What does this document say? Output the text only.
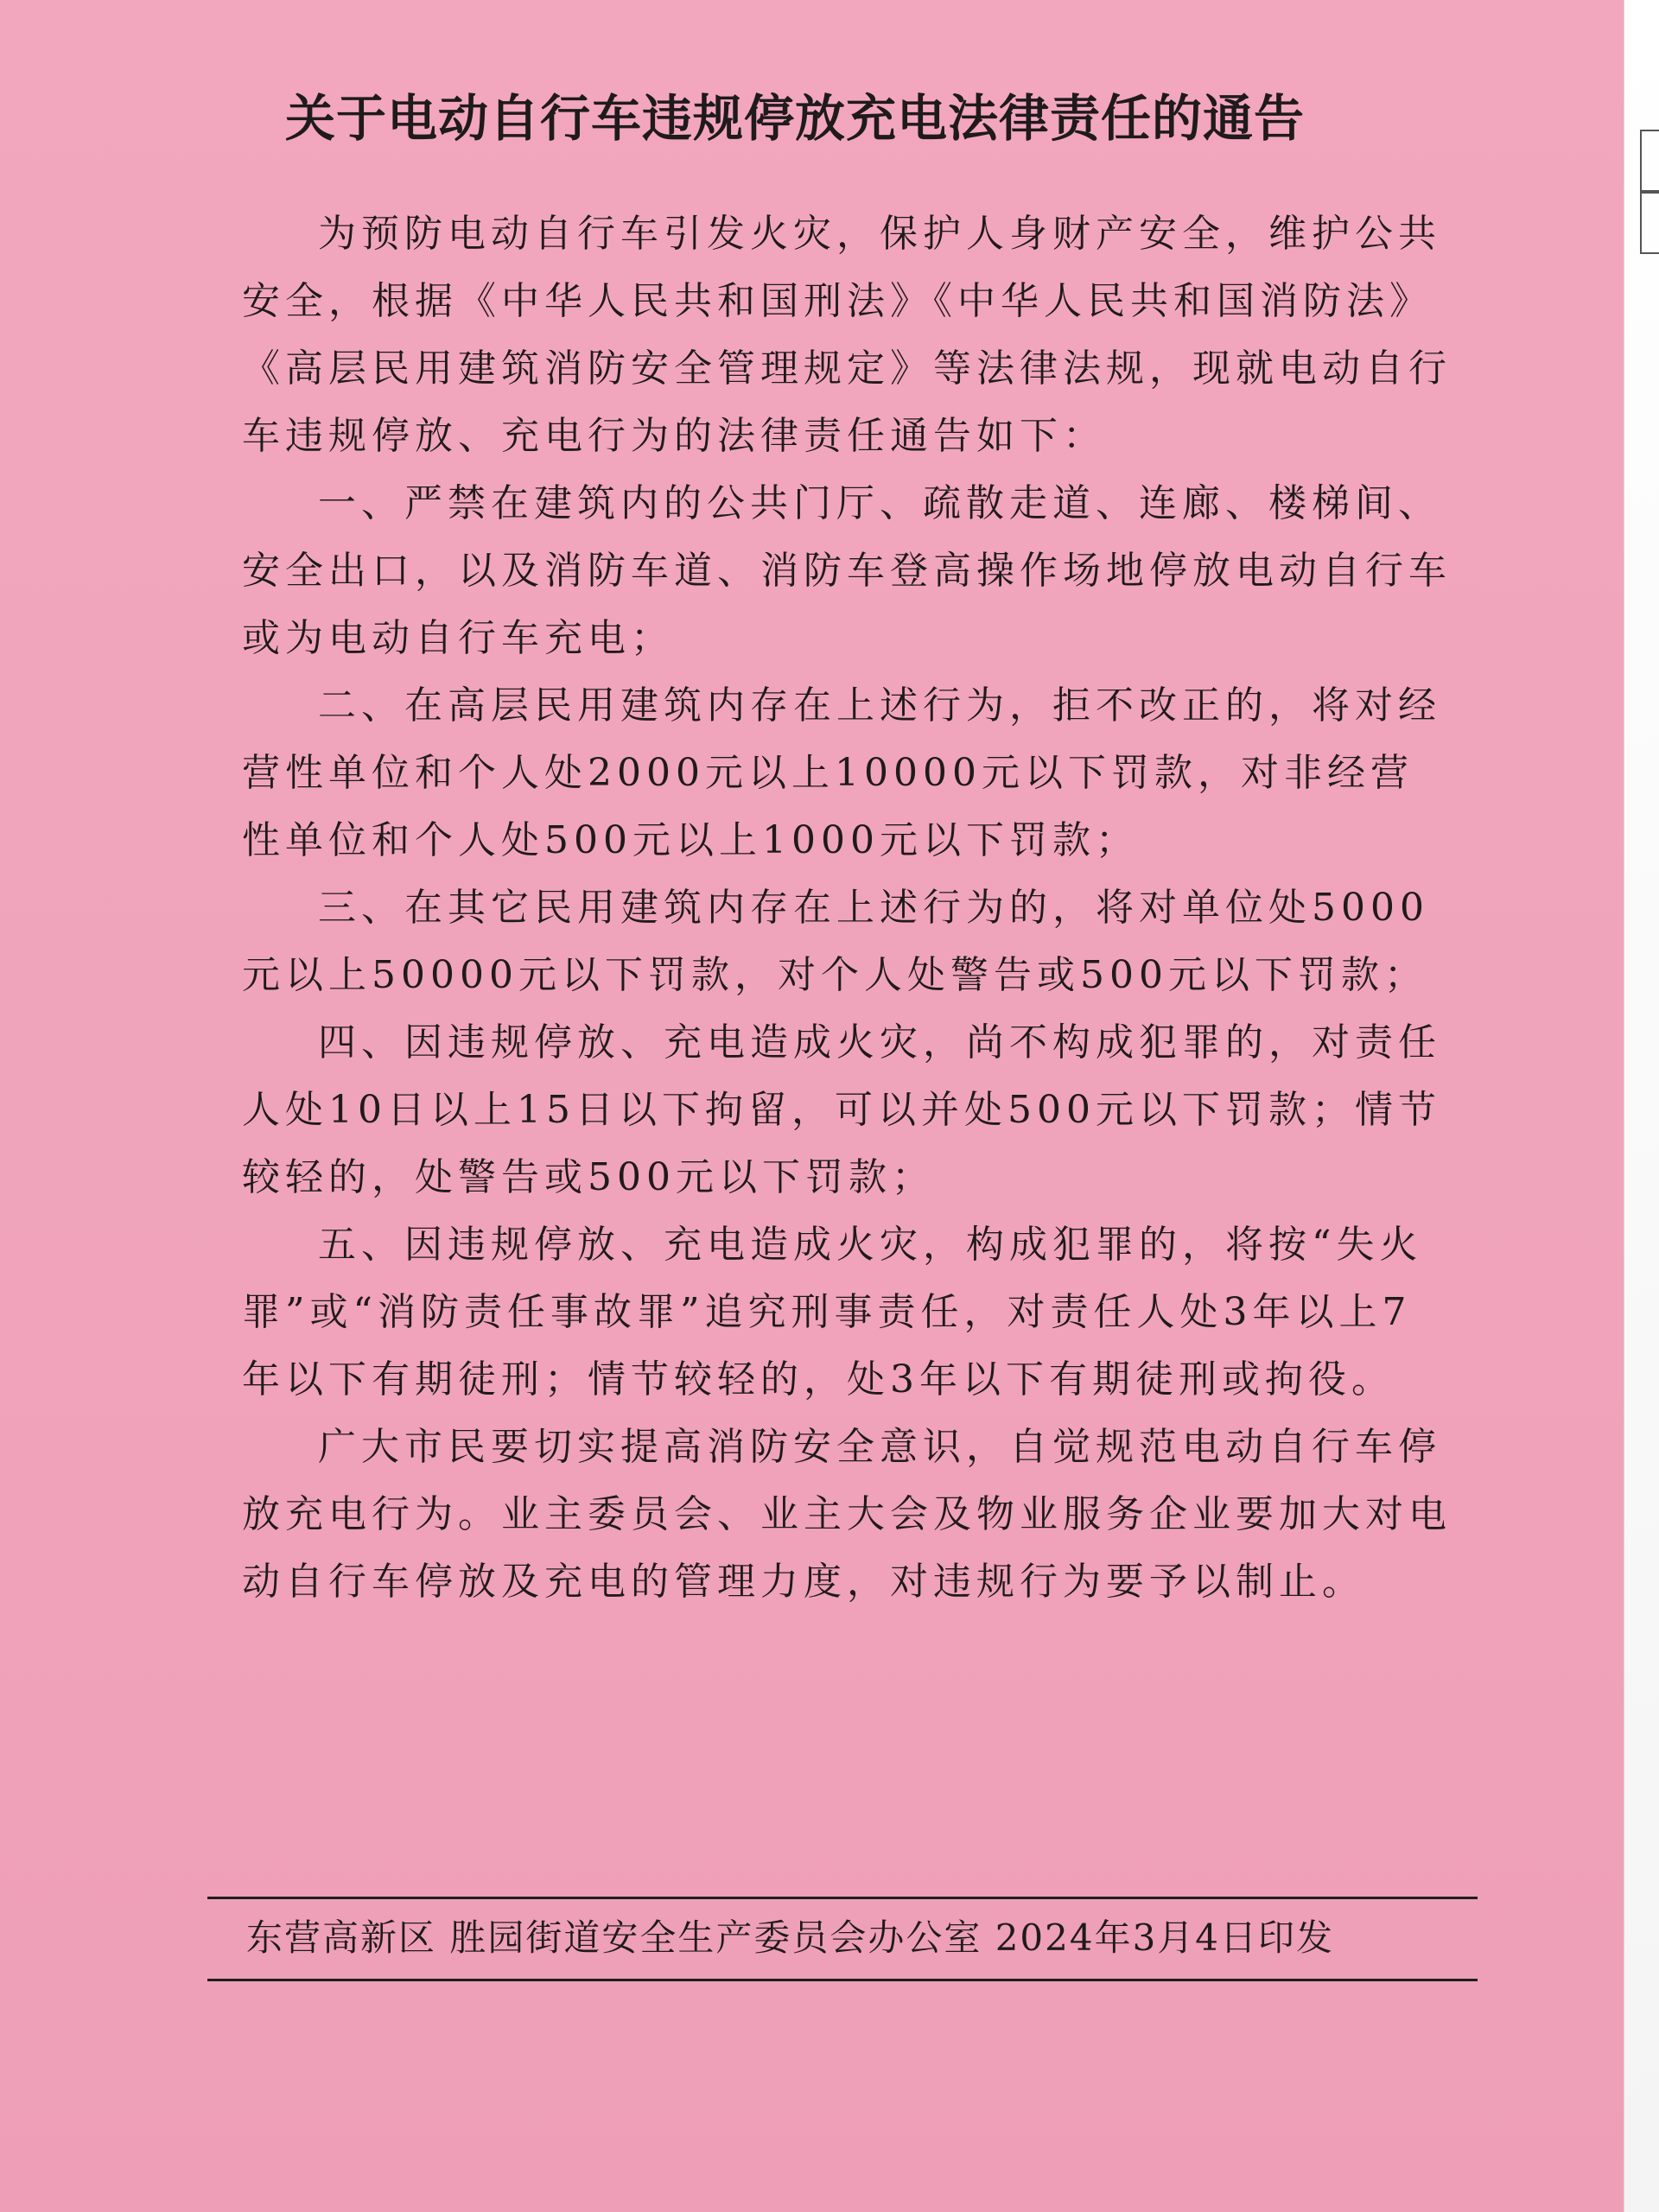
关于电动自行车违规停放充电法律责任的通告

为预防电动自行车引发火灾，保护人身财产安全，维护公共安全，根据《中华人民共和国刑法》《中华人民共和国消防法》《高层民用建筑消防安全管理规定》等法律法规，现就电动自行车违规停放、充电行为的法律责任通告如下：

一、严禁在建筑内的公共门厅、疏散走道、连廊、楼梯间、安全出口，以及消防车道、消防车登高操作场地停放电动自行车或为电动自行车充电；

二、在高层民用建筑内存在上述行为，拒不改正的，将对经营性单位和个人处2000元以上10000元以下罚款，对非经营性单位和个人处500元以上1000元以下罚款；

三、在其它民用建筑内存在上述行为的，将对单位处5000元以上50000元以下罚款，对个人处警告或500元以下罚款；

四、因违规停放、充电造成火灾，尚不构成犯罪的，对责任人处10日以上15日以下拘留，可以并处500元以下罚款；情节较轻的，处警告或500元以下罚款；

五、因违规停放、充电造成火灾，构成犯罪的，将按“失火罪”或“消防责任事故罪”追究刑事责任，对责任人处3年以上7年以下有期徒刑；情节较轻的，处3年以下有期徒刑或拘役。

广大市民要切实提高消防安全意识，自觉规范电动自行车停放充电行为。业主委员会、业主大会及物业服务企业要加大对电动自行车停放及充电的管理力度，对违规行为要予以制止。

东营高新区 胜园街道安全生产委员会办公室 2024年3月4日印发
